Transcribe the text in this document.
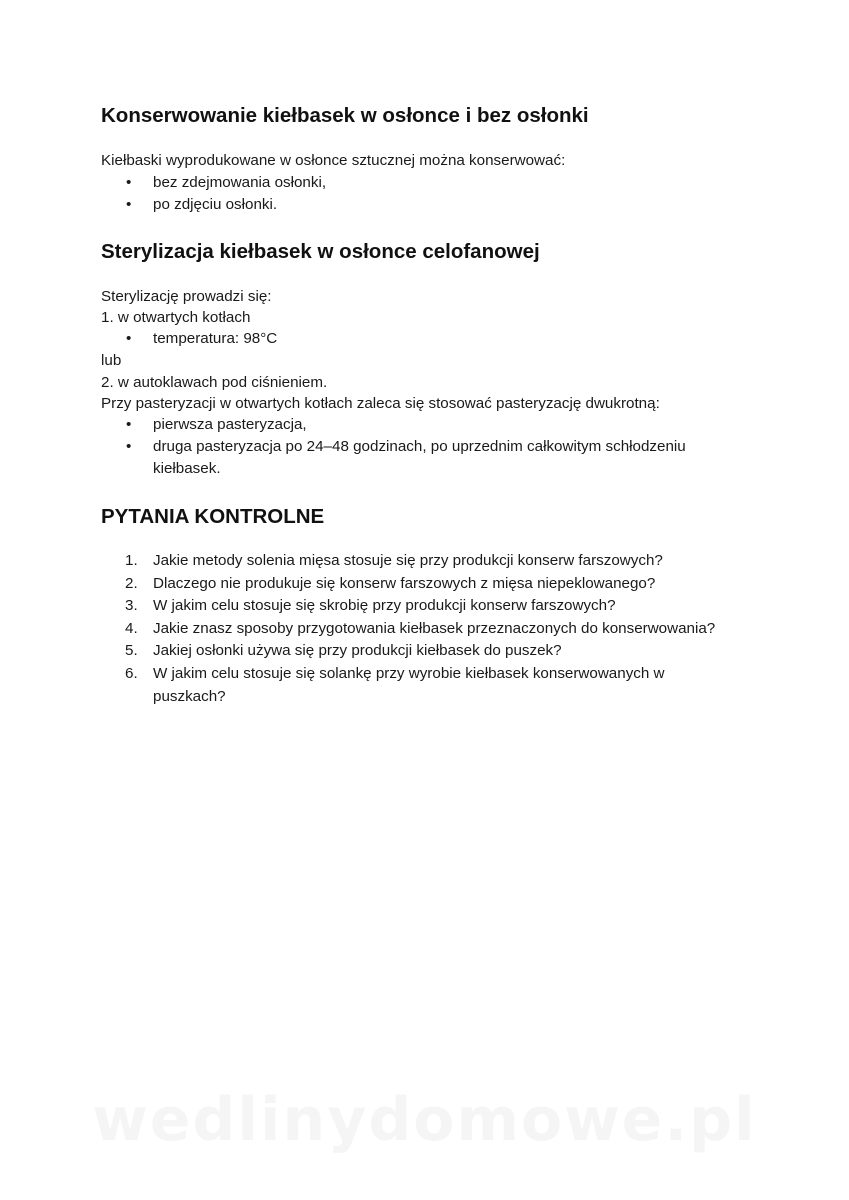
Konserwowanie kiełbasek w osłonce i bez osłonki
Kiełbaski wyprodukowane w osłonce sztucznej można konserwować:
• bez zdejmowania osłonki,
• po zdjęciu osłonki.
Sterylizacja kiełbasek w osłonce celofanowej
Sterylizację prowadzi się:
1. w otwartych kotłach
• temperatura: 98°C
lub
2. w autoklawach pod ciśnieniem.
Przy pasteryzacji w otwartych kotłach zaleca się stosować pasteryzację dwukrotną:
• pierwsza pasteryzacja,
• druga pasteryzacja po 24–48 godzinach, po uprzednim całkowitym schłodzeniu kiełbasek.
PYTANIA KONTROLNE
1. Jakie metody solenia mięsa stosuje się przy produkcji konserw farszowych?
2. Dlaczego nie produkuje się konserw farszowych z mięsa niepeklowanego?
3. W jakim celu stosuje się skrobię przy produkcji konserw farszowych?
4. Jakie znasz sposoby przygotowania kiełbasek przeznaczonych do konserwowania?
5. Jakiej osłonki używa się przy produkcji kiełbasek do puszek?
6. W jakim celu stosuje się solankę przy wyrobie kiełbasek konserwowanych w puszkach?
wedlinydomowe.pl
